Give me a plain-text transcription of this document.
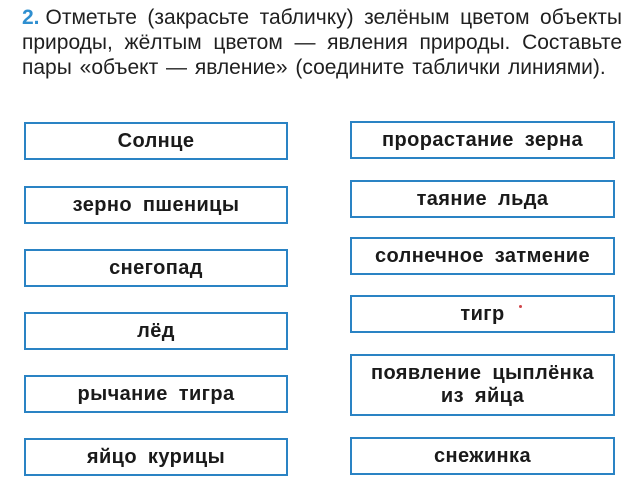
2. Отметьте (закрасьте табличку) зелёным цветом объекты природы, жёлтым цветом — явления природы. Составьте пары «объект — явление» (соедините таблички линиями).

Солнце
зерно пшеницы
снегопад
лёд
рычание тигра
яйцо курицы
прорастание зерна
таяние льда
солнечное затмение
тигр
появление цыплёнка из яйца
снежинка
